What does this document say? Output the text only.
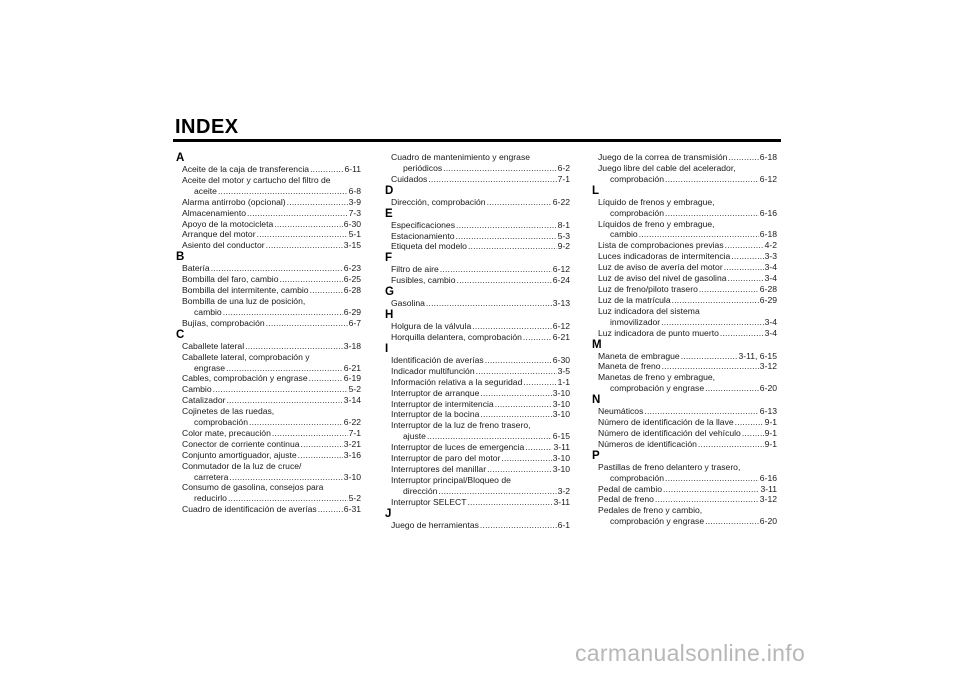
INDEX
A
Aceite de la caja de transferencia .....	6-11
Aceite del motor y cartucho del filtro de
aceite .....	6-8
Alarma antirrobo (opcional) .....	3-9
Almacenamiento .....	7-3
Apoyo de la motocicleta .....	6-30
Arranque del motor .....	5-1
Asiento del conductor .....	3-15
B
Batería .....	6-23
Bombilla del faro, cambio .....	6-25
Bombilla del intermitente, cambio .....	6-28
Bombilla de una luz de posición,
cambio .....	6-29
Bujías, comprobación .....	6-7
C
Caballete lateral .....	3-18
Caballete lateral, comprobación y
engrase .....	6-21
Cables, comprobación y engrase .....	6-19
Cambio .....	5-2
Catalizador .....	3-14
Cojinetes de las ruedas,
comprobación .....	6-22
Color mate, precaución .....	7-1
Conector de corriente continua .....	3-21
Conjunto amortiguador, ajuste .....	3-16
Conmutador de la luz de cruce/
carretera .....	3-10
Consumo de gasolina, consejos para
reducirlo .....	5-2
Cuadro de identificación de averías .....	6-31
Cuadro de mantenimiento y engrase
periódicos .....	6-2
Cuidados .....	7-1
D
Dirección, comprobación .....	6-22
E
Especificaciones .....	8-1
Estacionamiento .....	5-3
Etiqueta del modelo .....	9-2
F
Filtro de aire .....	6-12
Fusibles, cambio .....	6-24
G
Gasolina .....	3-13
H
Holgura de la válvula .....	6-12
Horquilla delantera, comprobación .....	6-21
I
Identificación de averías .....	6-30
Indicador multifunción .....	3-5
Información relativa a la seguridad .....	1-1
Interruptor de arranque .....	3-10
Interruptor de intermitencia .....	3-10
Interruptor de la bocina .....	3-10
Interruptor de la luz de freno trasero,
ajuste .....	6-15
Interruptor de luces de emergencia .....	3-11
Interruptor de paro del motor .....	3-10
Interruptores del manillar .....	3-10
Interruptor principal/Bloqueo de
dirección .....	3-2
Interruptor SELECT .....	3-11
J
Juego de herramientas .....	6-1
Juego de la correa de transmisión .....	6-18
Juego libre del cable del acelerador,
comprobación .....	6-12
L
Líquido de frenos y embrague,
comprobación .....	6-16
Líquidos de freno y embrague,
cambio .....	6-18
Lista de comprobaciones previas .....	4-2
Luces indicadoras de intermitencia .....	3-3
Luz de aviso de avería del motor .....	3-4
Luz de aviso del nivel de gasolina .....	3-4
Luz de freno/piloto trasero .....	6-28
Luz de la matrícula .....	6-29
Luz indicadora del sistema
inmovilizador .....	3-4
Luz indicadora de punto muerto .....	3-4
M
Maneta de embrague .....	3-11, 6-15
Maneta de freno .....	3-12
Manetas de freno y embrague,
comprobación y engrase .....	6-20
N
Neumáticos .....	6-13
Número de identificación de la llave .....	9-1
Número de identificación del vehículo .....	9-1
Números de identificación .....	9-1
P
Pastillas de freno delantero y trasero,
comprobación .....	6-16
Pedal de cambio .....	3-11
Pedal de freno .....	3-12
Pedales de freno y cambio,
comprobación y engrase .....	6-20
carmanualsonline.info
